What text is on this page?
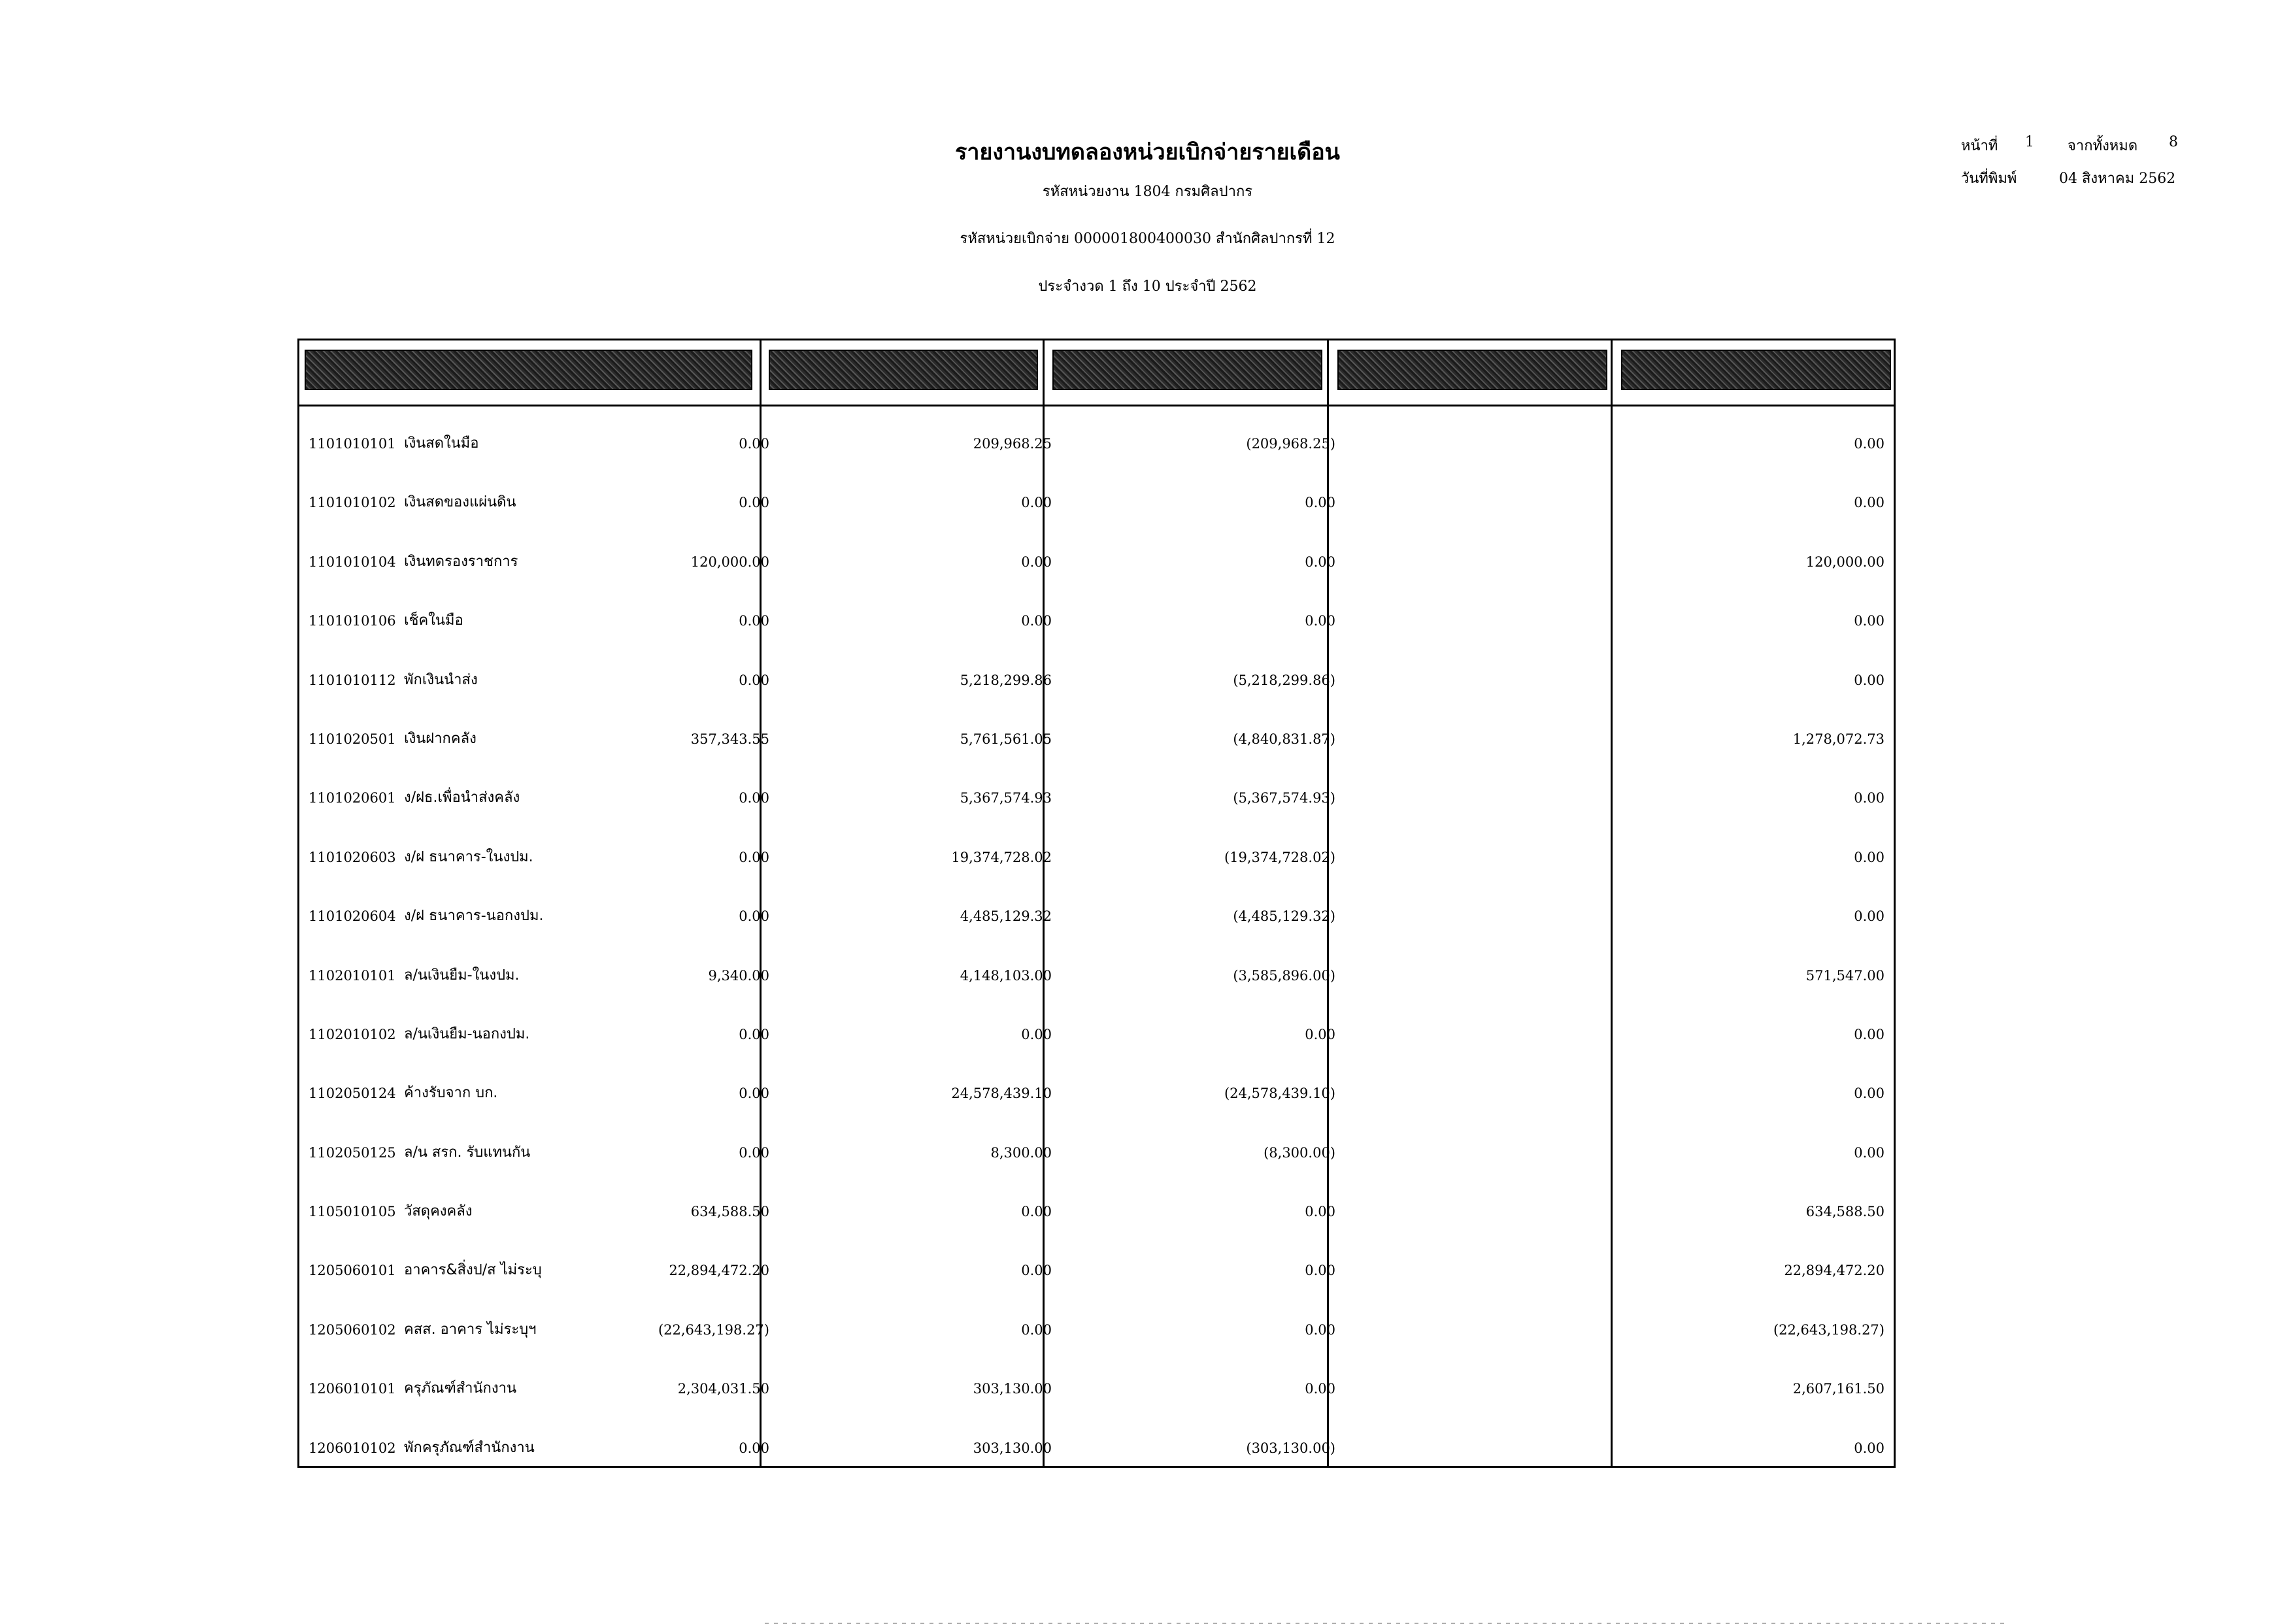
รายงานงบทดลองหน่วยเบิกจ่ายรายเดือน
รหัสหน่วยงาน 1804 กรมศิลปากร
รหัสหน่วยเบิกจ่าย 000001800400030 สำนักศิลปากรที่ 12
ประจำงวด 1 ถึง 10 ประจำปี 2562
หน้าที่ 1 จากทั้งหมด 8
วันที่พิมพ์	04 สิงหาคม 2562
1101010101 เงินสดในมือ	0.00	209,968.25	(209,968.25)	0.00
1101010102 เงินสดของแผ่นดิน	0.00	0.00	0.00	0.00
1101010104 เงินทดรองราชการ	120,000.00	0.00	0.00	120,000.00
1101010106 เช็คในมือ	0.00	0.00	0.00	0.00
1101010112 พักเงินนำส่ง	0.00	5,218,299.86	(5,218,299.86)	0.00
1101020501 เงินฝากคลัง	357,343.55	5,761,561.05	(4,840,831.87)	1,278,072.73
1101020601 ง/ฝธ.เพื่อนำส่งคลัง	0.00	5,367,574.93	(5,367,574.93)	0.00
1101020603 ง/ฝ ธนาคาร-ในงปม.	0.00	19,374,728.02	(19,374,728.02)	0.00
1101020604 ง/ฝ ธนาคาร-นอกงปม.	0.00	4,485,129.32	(4,485,129.32)	0.00
1102010101 ล/นเงินยืม-ในงปม.	9,340.00	4,148,103.00	(3,585,896.00)	571,547.00
1102010102 ล/นเงินยืม-นอกงปม.	0.00	0.00	0.00	0.00
1102050124 ค้างรับจาก บก.	0.00	24,578,439.10	(24,578,439.10)	0.00
1102050125 ล/น สรก. รับแทนกัน	0.00	8,300.00	(8,300.00)	0.00
1105010105 วัสดุคงคลัง	634,588.50	0.00	0.00	634,588.50
1205060101 อาคาร&สิ่งป/ส ไม่ระบุ	22,894,472.20	0.00	0.00	22,894,472.20
1205060102 คสส. อาคาร ไม่ระบุฯ	(22,643,198.27)	0.00	0.00	(22,643,198.27)
1206010101 ครุภัณฑ์สำนักงาน	2,304,031.50	303,130.00	0.00	2,607,161.50
1206010102 พักครุภัณฑ์สำนักงาน	0.00	303,130.00	(303,130.00)	0.00
